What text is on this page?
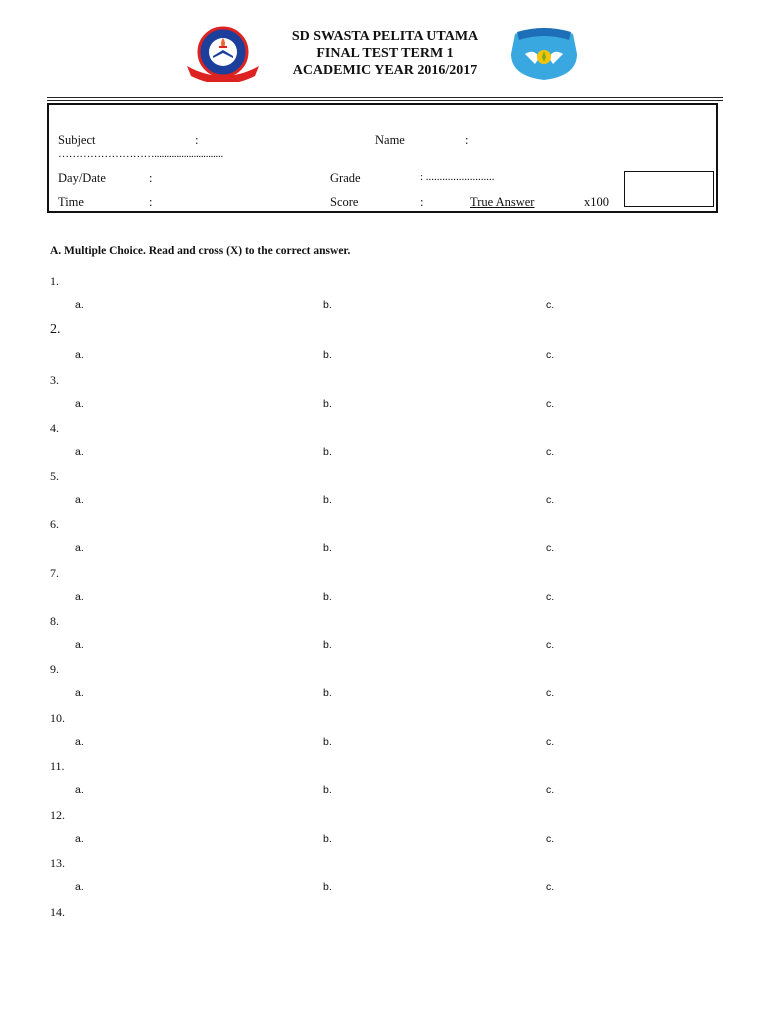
SD SWASTA PELITA UTAMA
FINAL TEST TERM 1
ACADEMIC YEAR 2016/2017
Subject	:	Name	:
………………………............................
Day/Date	:	Grade	: .........................
Time	:	Score	:	True Answer	x100
A. Multiple Choice. Read and cross (X) to the correct answer.
1.
a.	b.	c.
2.
a.	b.	c.
3.
a.	b.	c.
4.
a.	b.	c.
5.
a.	b.	c.
6.
a.	b.	c.
7.
a.	b.	c.
8.
a.	b.	c.
9.
a.	b.	c.
10.
a.	b.	c.
11.
a.	b.	c.
12.
a.	b.	c.
13.
a.	b.	c.
14.
